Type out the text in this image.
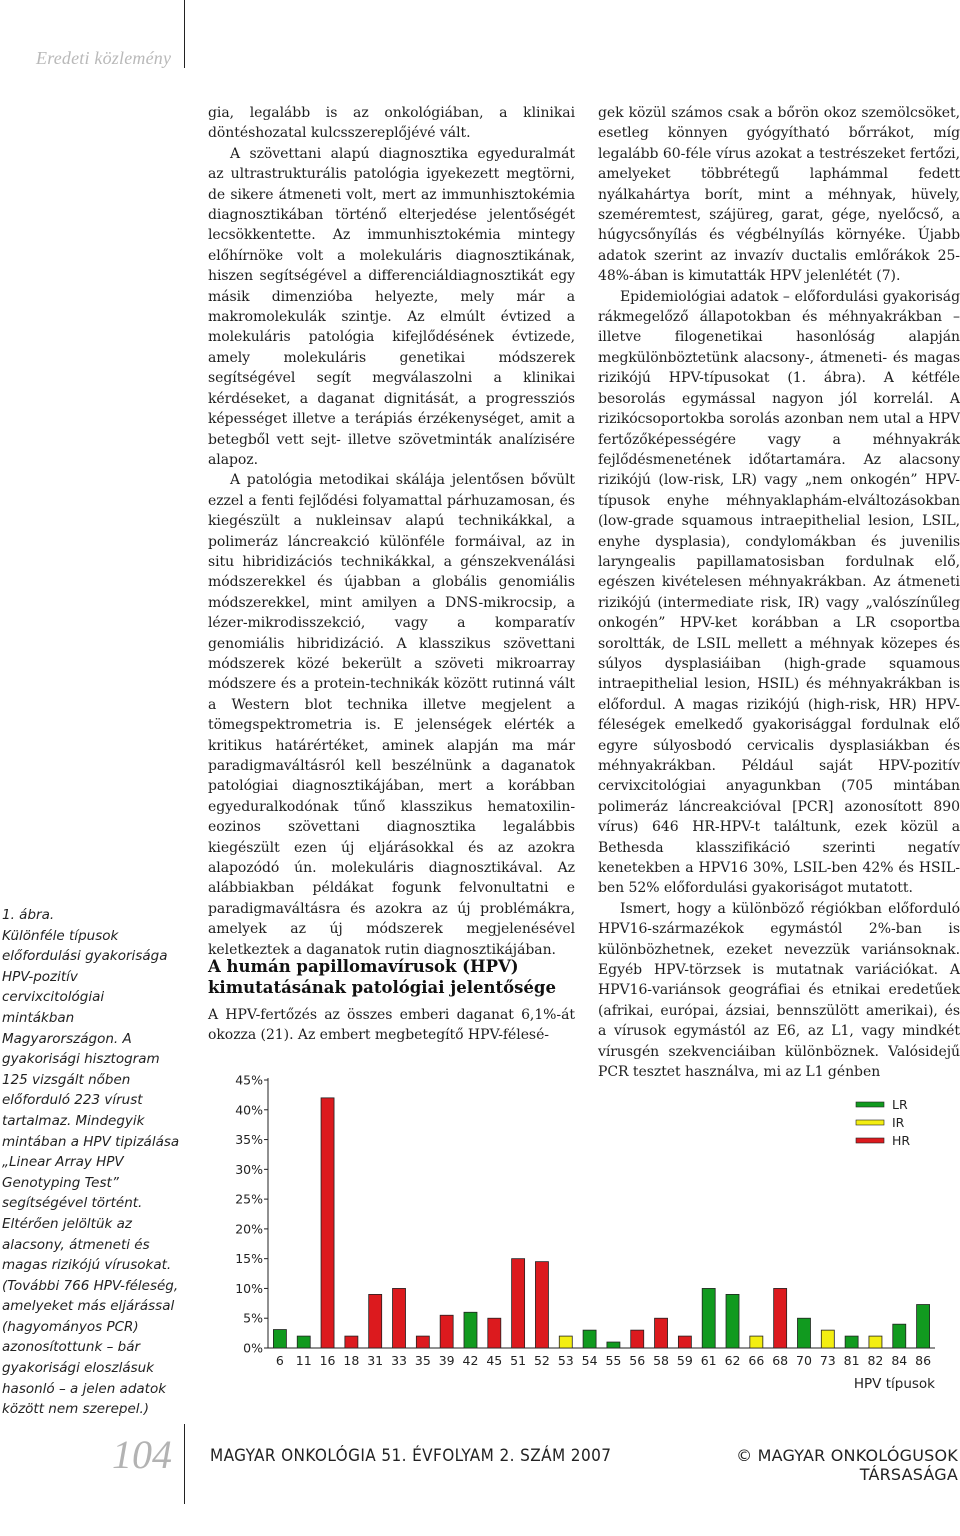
Eredeti közlemény

1. ábra.

Különféle típusok előfordulási gyakorisága HPV-pozitív cervixcitológiai mintákban Magyarországon. A gyakorisági hisztogram 125 vizsgált nőben előforduló 223 vírust tartalmaz. Mindegyik mintában a HPV tipizálása „Linear Array HPV Genotyping Test” segítségével történt. Eltérően jelöltük az alacsony, átmeneti és magas rizikójú vírusokat. (További 766 HPV-féleség, amelyeket más eljárással (hagyományos PCR) azonosítottunk – bár gyakorisági eloszlásuk hasonló – a jelen adatok között nem szerepel.)

gia, legalább is az onkológiában, a klinikai döntéshozatal kulcsszereplőjévé vált.

A szövettani alapú diagnosztika egyeduralmát az ultrastrukturális patológia igyekezett megtörni, de sikere átmeneti volt, mert az immunhisztokémia diagnosztikában történő elterjedése jelentőségét lecsökkentette. Az immunhisztokémia mintegy előhírnöke volt a molekuláris diagnosztikának, hiszen segítségével a differenciáldiagnosztikát egy másik dimenzióba helyezte, mely már a makromolekulák szintje. Az elmúlt évtized a molekuláris patológia kifejlődésének évtizede, amely molekuláris genetikai módszerek segítségével segít megválaszolni a klinikai kérdéseket, a daganat dignitását, a progressziós képességet illetve a terápiás érzékenységet, amit a betegből vett sejt- illetve szövetminták analízisére alapoz.

A patológia metodikai skálája jelentősen bővült ezzel a fenti fejlődési folyamattal párhuzamosan, és kiegészült a nukleinsav alapú technikákkal, a polimeráz láncreakció különféle formáival, az in situ hibridizációs technikákkal, a génszekvenálási módszerekkel és újabban a globális genomiális módszerekkel, mint amilyen a DNS-mikrocsip, a lézer-mikrodisszekció, vagy a komparatív genomiális hibridizáció. A klasszikus szövettani módszerek közé bekerült a szöveti mikroarray módszere és a protein-technikák között rutinná vált a Western blot technika illetve megjelent a tömegspektrometria is. E jelenségek elérték a kritikus határértéket, aminek alapján ma már paradigmaváltásról kell beszélnünk a daganatok patológiai diagnosztikájában, mert a korábban egyeduralkodónak tűnő klasszikus hematoxilin-eozinos szövettani diagnosztika legalábbis kiegészült ezen új eljárásokkal és az azokra alapozódó ún. molekuláris diagnosztikával. Az alábbiakban példákat fogunk felvonultatni e paradigmaváltásra és azokra az új problémákra, amelyek az új módszerek megjelenésével keletkeztek a daganatok rutin diagnosztikájában.

A humán papillomavírusok (HPV) kimutatásának patológiai jelentősége

A HPV-fertőzés az összes emberi daganat 6,1%-át okozza (21). Az embert megbetegítő HPV-félesé-

gek közül számos csak a bőrön okoz szemölcsöket, esetleg könnyen gyógyítható bőrrákot, míg legalább 60-féle vírus azokat a testrészeket fertőzi, amelyeket többrétegű laphámmal fedett nyálkahártya borít, mint a méhnyak, hüvely, szeméremtest, szájüreg, garat, gége, nyelőcső, a húgycsőnyílás és végbélnyílás környéke. Újabb adatok szerint az invazív ductalis emlőrákok 25-48%-ában is kimutatták HPV jelenlétét (7).

Epidemiológiai adatok – előfordulási gyakoriság rákmegelőző állapotokban és méhnyakrákban – illetve filogenetikai hasonlóság alapján megkülönböztetünk alacsony-, átmeneti- és magas rizikójú HPV-típusokat (1. ábra). A kétféle besorolás egymással nagyon jól korrelál. A rizikócsoportokba sorolás azonban nem utal a HPV fertőzőképességére vagy a méhnyakrák fejlődésmenetének időtartamára. Az alacsony rizikójú (low-risk, LR) vagy „nem onkogén” HPV-típusok enyhe méhnyaklaphám-elváltozásokban (low-grade squamous intraepithelial lesion, LSIL, enyhe dysplasia), condylomákban és juvenilis laryngealis papillamatosisban fordulnak elő, egészen kivételesen méhnyakrákban. Az átmeneti rizikójú (intermediate risk, IR) vagy „valószínűleg onkogén” HPV-ket korábban a LR csoportba soroltták, de LSIL mellett a méhnyak közepes és súlyos dysplasiáiban (high-grade squamous intraepithelial lesion, HSIL) és méhnyakrákban is előfordul. A magas rizikójú (high-risk, HR) HPV-féleségek emelkedő gyakorisággal fordulnak elő egyre súlyosbodó cervicalis dysplasiákban és méhnyakrákban. Például saját HPV-pozitív cervixcitológiai anyagunkban (705 mintában polimeráz láncreakcióval [PCR] azonosított 890 vírus) 646 HR-HPV-t találtunk, ezek közül a Bethesda klasszifikáció szerinti negatív kenetekben a HPV16 30%, LSIL-ben 42% és HSIL-ben 52% előfordulási gyakoriságot mutatott.

Ismert, hogy a különböző régiókban előforduló HPV16-származékok egymástól 2%-ban is különbözhetnek, ezeket nevezzük variánsoknak. Egyéb HPV-törzsek is mutatnak variációkat. A HPV16-variánsok geográfiai és etnikai eredetűek (afrikai, európai, ázsiai, bennszülött amerikai), és a vírusok egymástól az E6, az L1, vagy mindkét vírusgén szekvenciáiban különböznek. Valósidejű PCR tesztet használva, mi az L1 génben

0%
5%
10%
15%
20%
25%
30%
35%
40%
45%
6 11 16 18 31 33 35 39 42 45 51 52 53 54 55 56 58 59 61 62 66 68 70 73 81 82 84 86
HPV típusok
LR
IR
HR
104 MAGYAR ONKOLÓGIA 51. ÉVFOLYAM 2. SZÁM 2007	© MAGYAR ONKOLÓGUSOK TÁRSASÁGA
